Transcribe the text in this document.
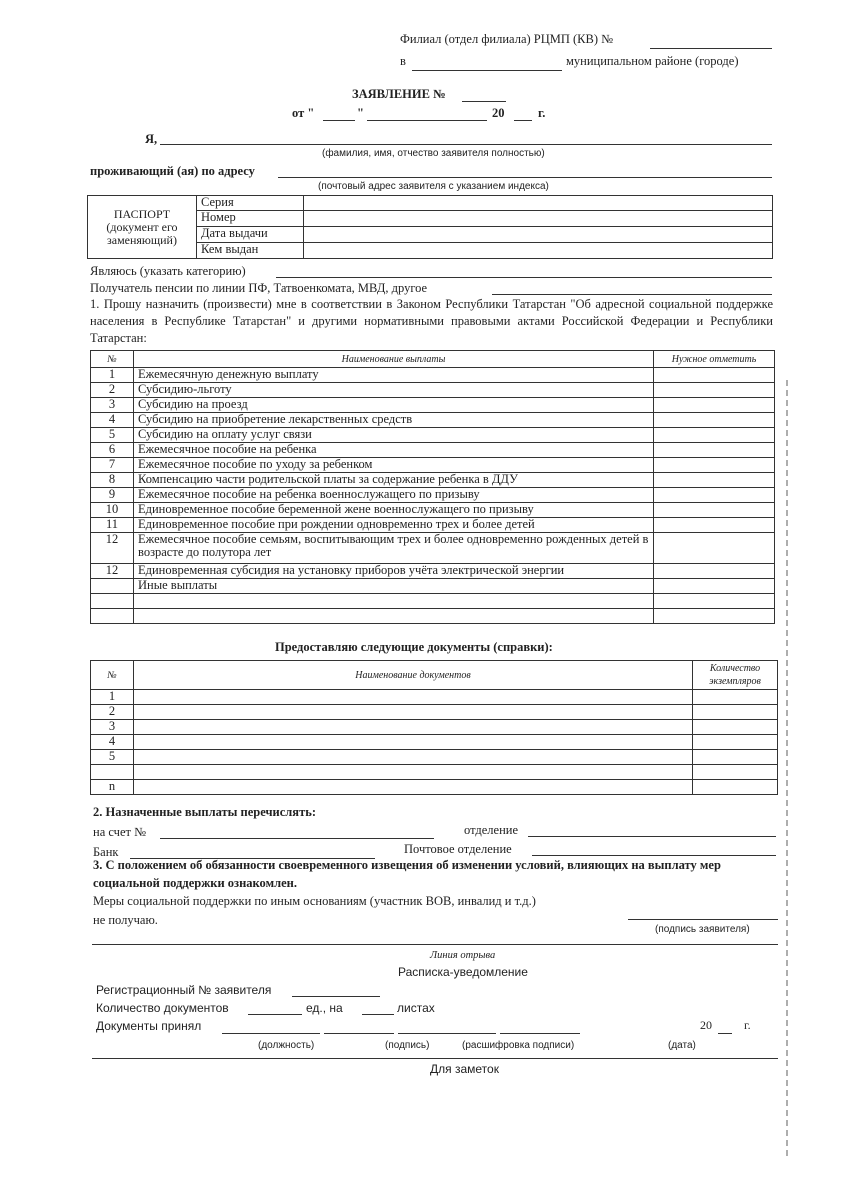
Филиал (отдел филиала) РЦМП (КВ) №
в	муниципальном районе (городе)
ЗАЯВЛЕНИЕ №
от "	"	20	г.
Я,
(фамилия, имя, отчество заявителя полностью)
проживающий (ая) по адресу
(почтовый адрес заявителя с указанием индекса)
ПАСПОРТ (документ его заменяющий)	Серия	
	Номер	
	Дата выдачи	
	Кем выдан	
Являюсь (указать категорию)
Получатель пенсии по линии ПФ, Татвоенкомата, МВД, другое
1. Прошу назначить (произвести) мне в соответствии в Законом Республики Татарстан "Об адресной социальной поддержке населения в Республике Татарстан" и другими нормативными правовыми актами Российской Федерации и Республики Татарстан:
№	Наименование выплаты	Нужное отметить
1	Ежемесячную денежную выплату	
2	Субсидию-льготу	
3	Субсидию на проезд	
4	Субсидию на приобретение лекарственных средств	
5	Субсидию на оплату услуг связи	
6	Ежемесячное пособие на ребенка	
7	Ежемесячное пособие по уходу за ребенком	
8	Компенсацию части родительской платы за содержание ребенка в ДДУ	
9	Ежемесячное пособие на ребенка военнослужащего по призыву	
10	Единовременное пособие беременной жене военнослужащего по призыву	
11	Единовременное пособие при рождении одновременно трех и более детей	
12	Ежемесячное пособие семьям, воспитывающим трех и более одновременно рожденных детей в возрасте до полутора лет	
12	Единовременная субсидия на установку приборов учёта электрической энергии	
	Иные выплаты	

Предоставляю следующие документы (справки):
№	Наименование документов	Количество экземпляров
1		
2		
3		
4		
5		

n		
2. Назначенные выплаты перечислять:
на счет №	отделение
Банк	Почтовое отделение
3. С положением об обязанности своевременного извещения об изменении условий, влияющих на выплату мер социальной поддержки ознакомлен.
Меры социальной поддержки по иным основаниям (участник ВОВ, инвалид и т.д.)
не получаю.
(подпись заявителя)
Линия отрыва
Расписка-уведомление
Регистрационный № заявителя
Количество документов	ед., на	листах
Документы принял	20	г.
(должность)	(подпись)	(расшифровка подписи)	(дата)
Для заметок
